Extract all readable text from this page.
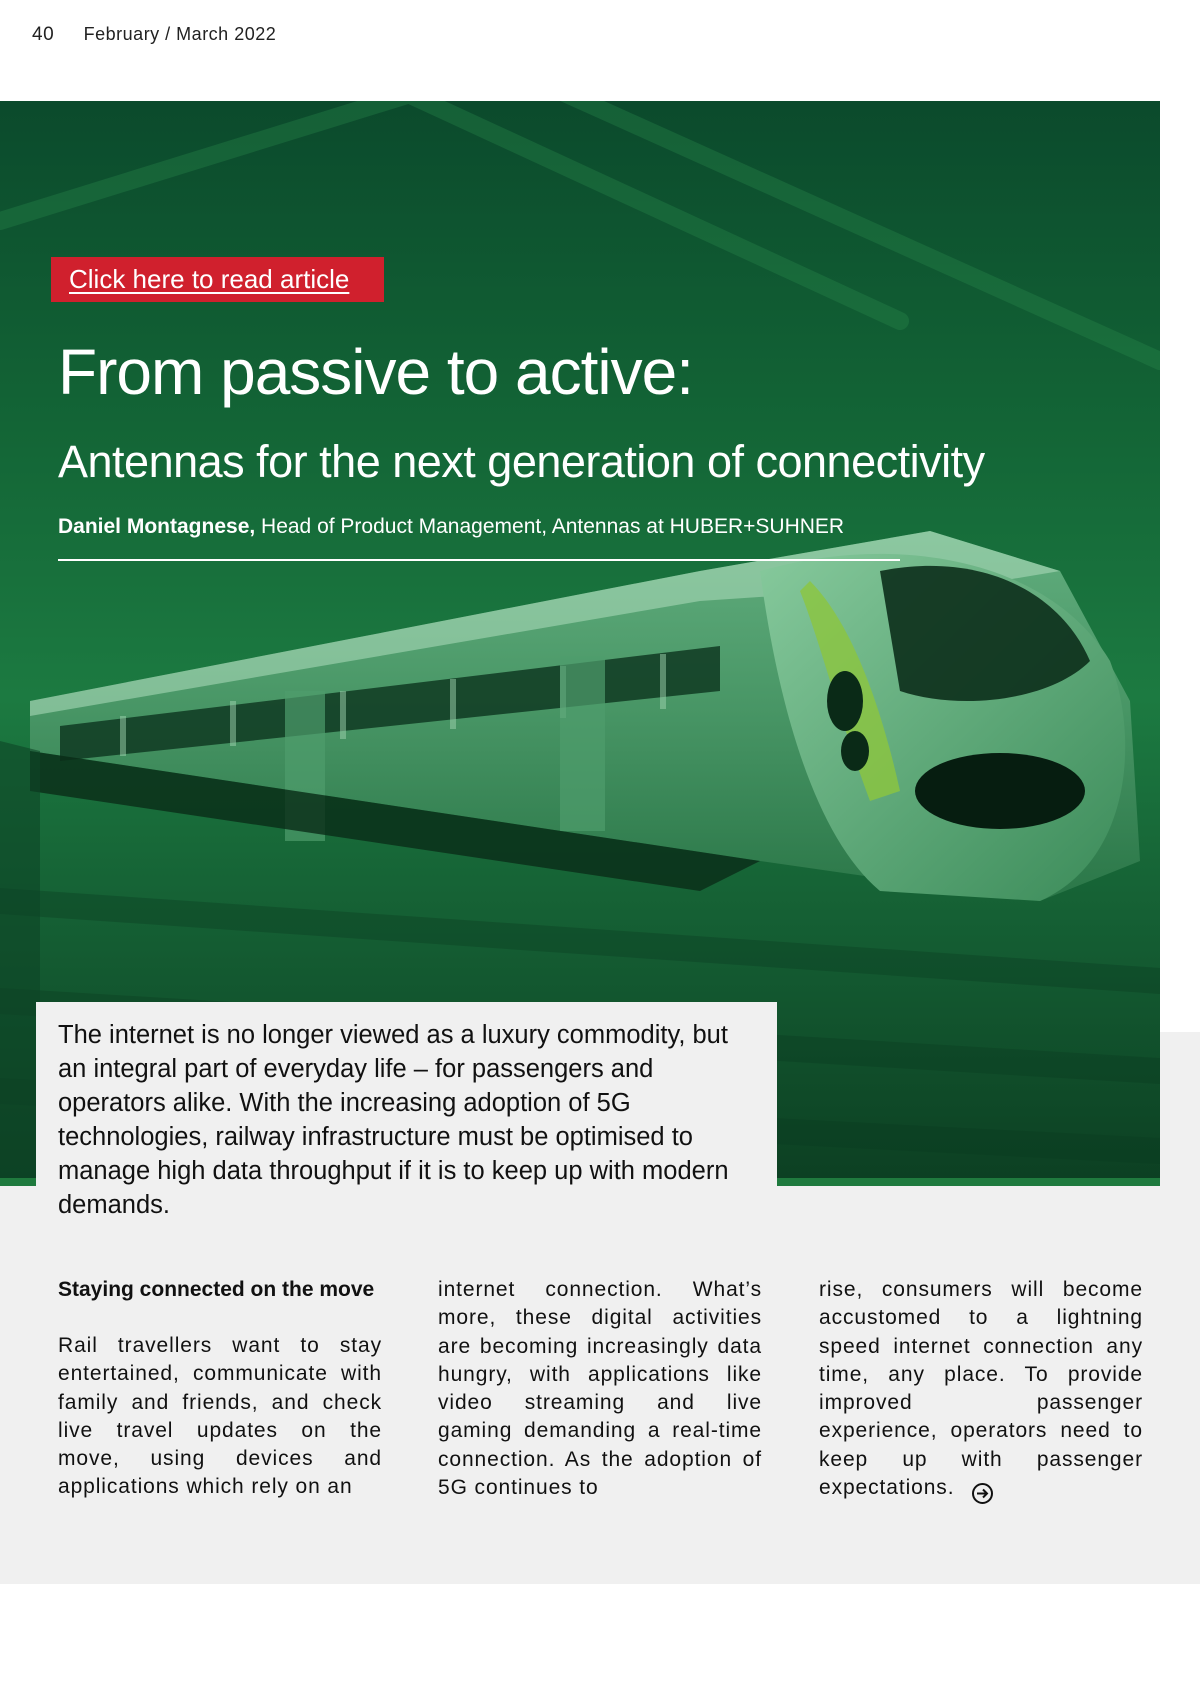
40 February / March 2022
Click here to read article
From passive to active:
Antennas for the next generation of connectivity
Daniel Montagnese, Head of Product Management, Antennas at HUBER+SUHNER

The internet is no longer viewed as a luxury commodity, but an integral part of everyday life – for passengers and operators alike. With the increasing adoption of 5G technologies, railway infrastructure must be optimised to manage high data throughput if it is to keep up with modern demands.

Staying connected on the move

Rail travellers want to stay entertained, communicate with family and friends, and check live travel updates on the move, using devices and applications which rely on an

internet connection. What’s more, these digital activities are becoming increasingly data hungry, with applications like video streaming and live gaming demanding a real-time connection. As the adoption of 5G continues to

rise, consumers will become accustomed to a lightning speed internet connection any time, any place. To provide improved passenger experience, operators need to keep up with passenger expectations.
